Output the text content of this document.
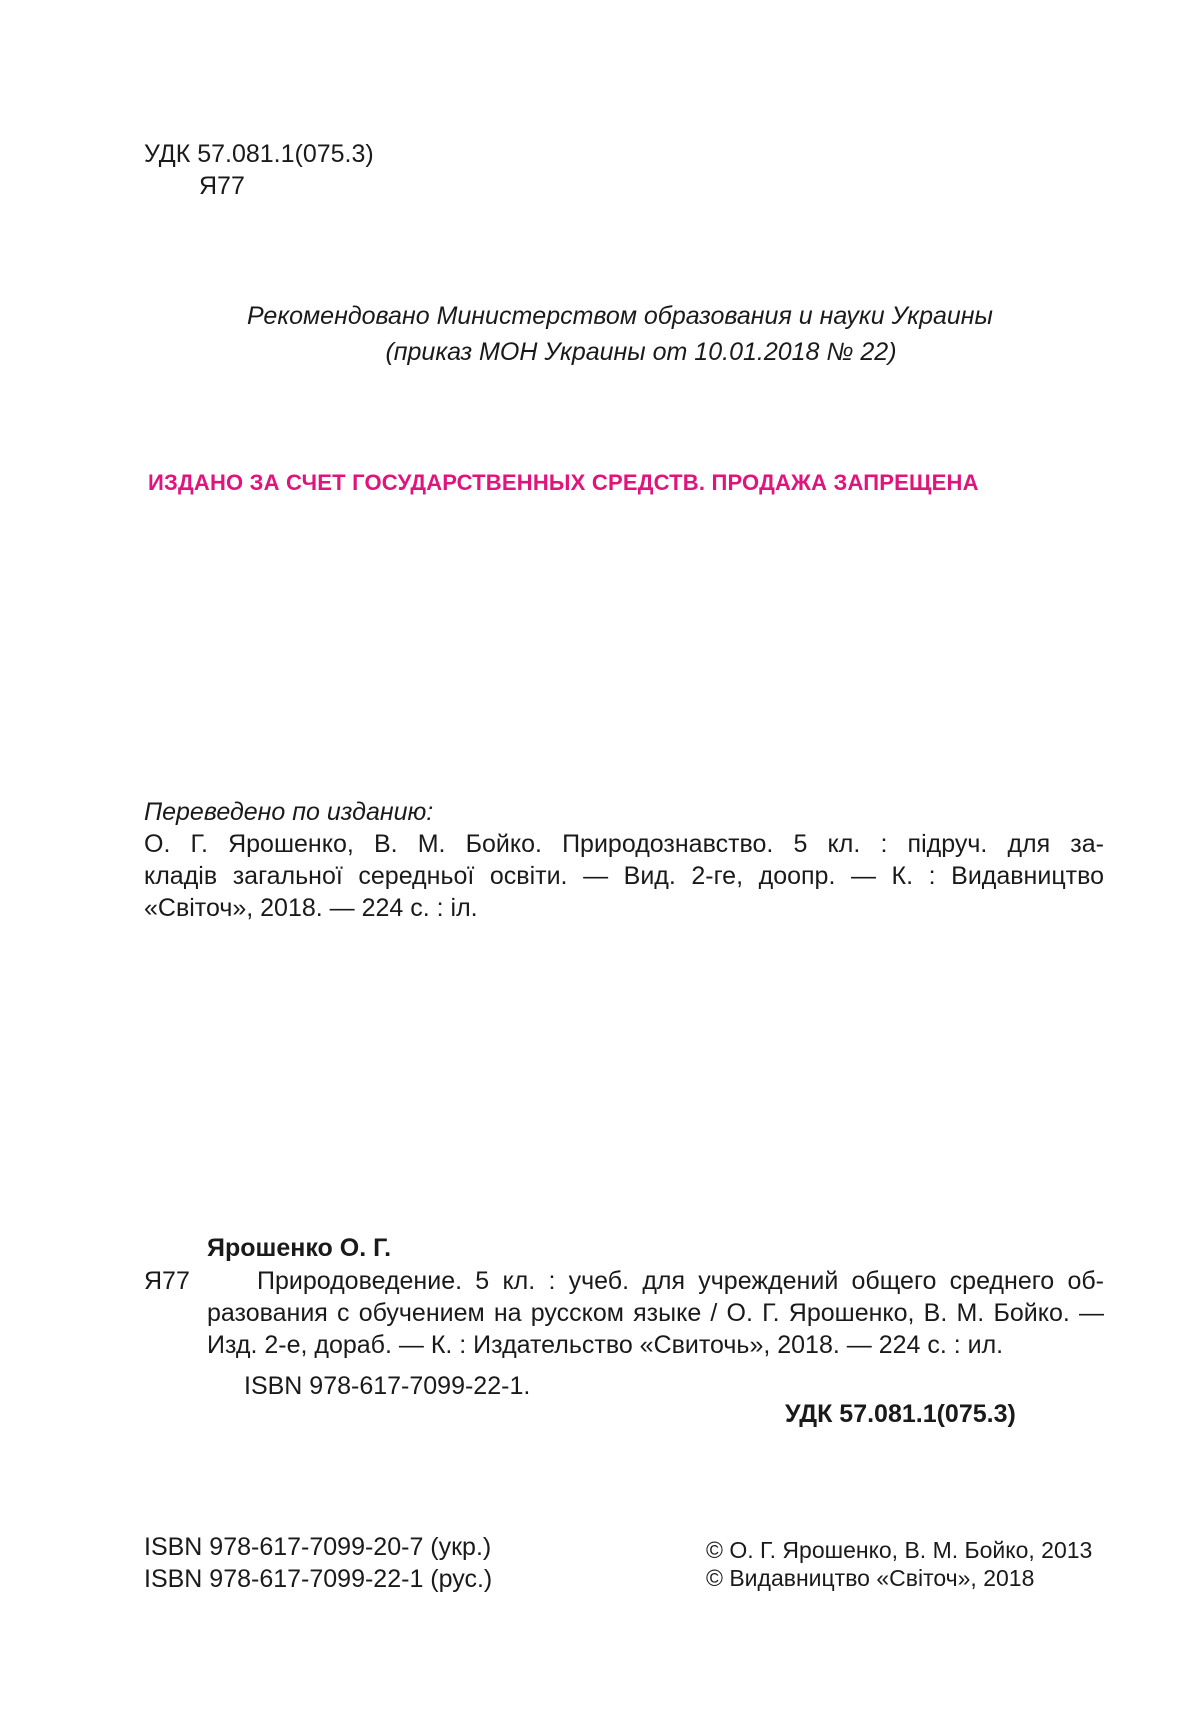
УДК 57.081.1(075.3)
Я77
Рекомендовано Министерством образования и науки Украины
(приказ МОН Украины от 10.01.2018 № 22)
ИЗДАНО ЗА СЧЕТ ГОСУДАРСТВЕННЫХ СРЕДСТВ. ПРОДАЖА ЗАПРЕЩЕНА
Переведено по изданию:
О. Г. Ярошенко, В. М. Бойко. Природознавство. 5 кл. : підруч. для за-
кладів загальної середньої освіти. — Вид. 2-ге, доопр. — К. : Видавництво
«Світоч», 2018. — 224 с. : іл.
Ярошенко О. Г.
Я77	Природоведение. 5 кл. : учеб. для учреждений общего среднего об-
разования с обучением на русском языке / О. Г. Ярошенко, В. М. Бойко. —
Изд. 2-е, дораб. — К. : Издательство «Свиточь», 2018. — 224 с. : ил.
ISBN 978-617-7099-22-1.
УДК 57.081.1(075.3)
ISBN 978-617-7099-20-7 (укр.)
ISBN 978-617-7099-22-1 (рус.)
© О. Г. Ярошенко, В. М. Бойко, 2013
© Видавництво «Світоч», 2018
